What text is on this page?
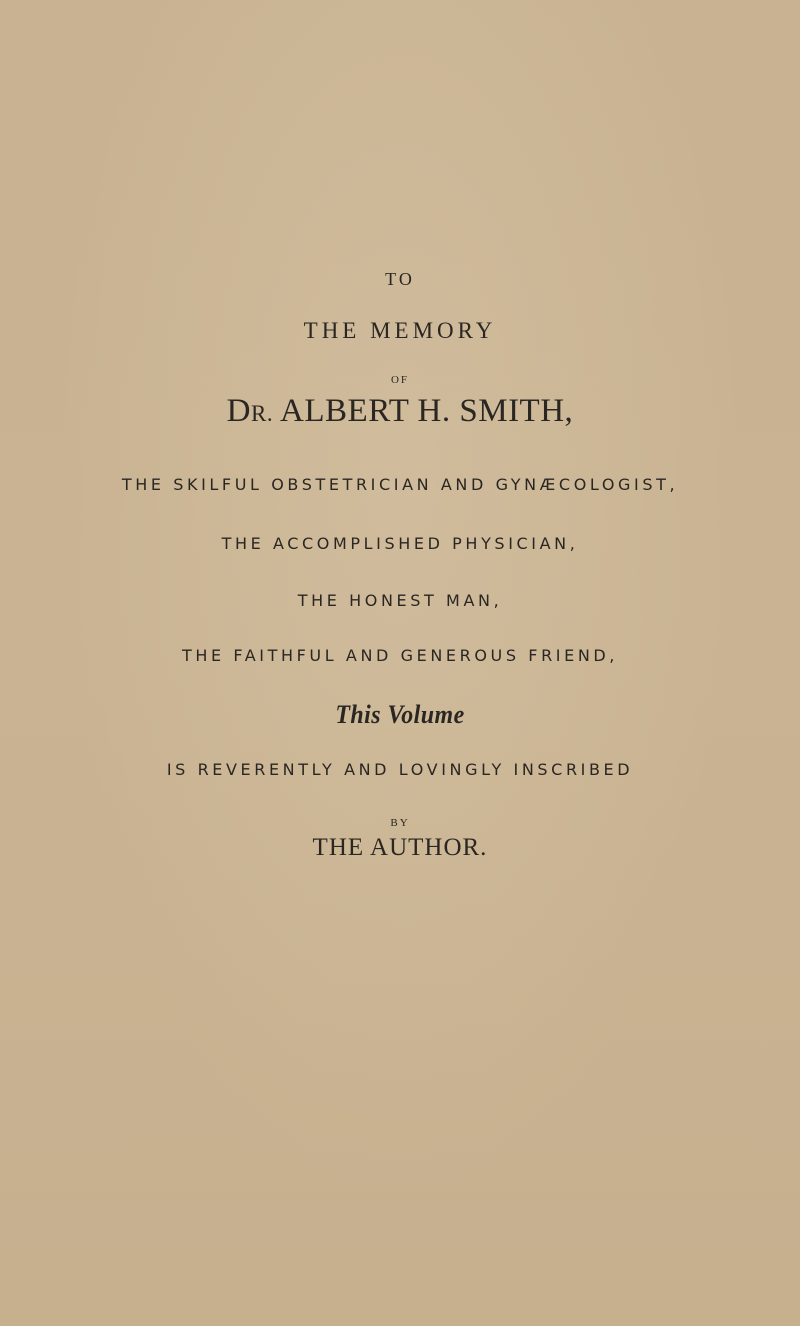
TO
THE MEMORY
OF
DR. ALBERT H. SMITH,
THE SKILFUL OBSTETRICIAN AND GYNÆCOLOGIST,
THE ACCOMPLISHED PHYSICIAN,
THE HONEST MAN,
THE FAITHFUL AND GENEROUS FRIEND,
This Volume
IS REVERENTLY AND LOVINGLY INSCRIBED
BY
THE AUTHOR.
